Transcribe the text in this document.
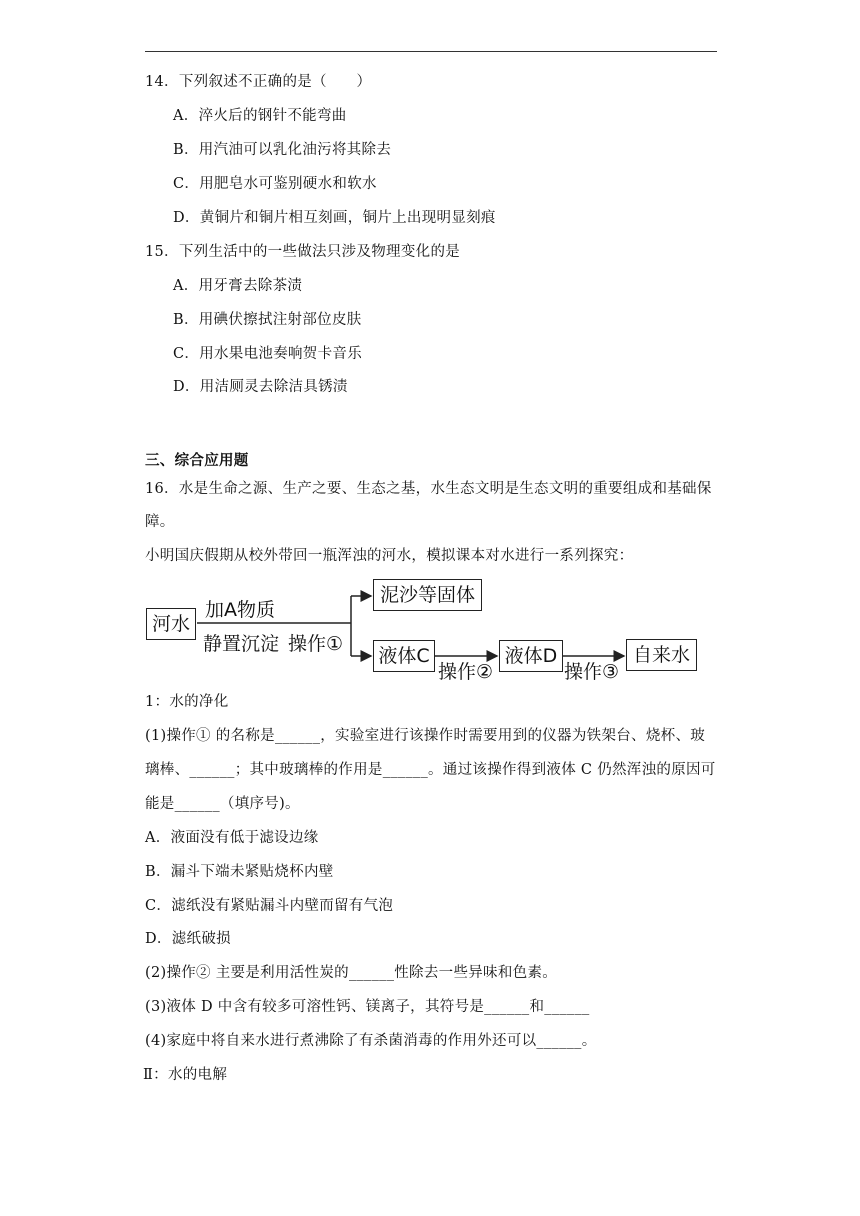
14．下列叙述不正确的是（　　）
A．淬火后的钢针不能弯曲
B．用汽油可以乳化油污将其除去
C．用肥皂水可鉴别硬水和软水
D．黄铜片和铜片相互刻画，铜片上出现明显刻痕
15．下列生活中的一些做法只涉及物理变化的是
A．用牙膏去除茶渍
B．用碘伏擦拭注射部位皮肤
C．用水果电池奏响贺卡音乐
D．用洁厕灵去除洁具锈渍
三、综合应用题
16．水是生命之源、生产之要、生态之基，水生态文明是生态文明的重要组成和基础保
障。
小明国庆假期从校外带回一瓶浑浊的河水，模拟课本对水进行一系列探究：
河水
加A物质
静置沉淀 操作①
泥沙等固体
液体C
操作②
液体D
操作③
自来水
1：水的净化
(1)操作① 的名称是______，实验室进行该操作时需要用到的仪器为铁架台、烧杯、玻
璃棒、______；其中玻璃棒的作用是______。通过该操作得到液体 C 仍然浑浊的原因可
能是______（填序号)。
A．液面没有低于滤设边缘
B．漏斗下端未紧贴烧杯内壁
C．滤纸没有紧贴漏斗内壁而留有气泡
D．滤纸破损
(2)操作② 主要是利用活性炭的______性除去一些异味和色素。
(3)液体 D 中含有较多可溶性钙、镁离子，其符号是______和______
(4)家庭中将自来水进行煮沸除了有杀菌消毒的作用外还可以______。
Ⅱ：水的电解
